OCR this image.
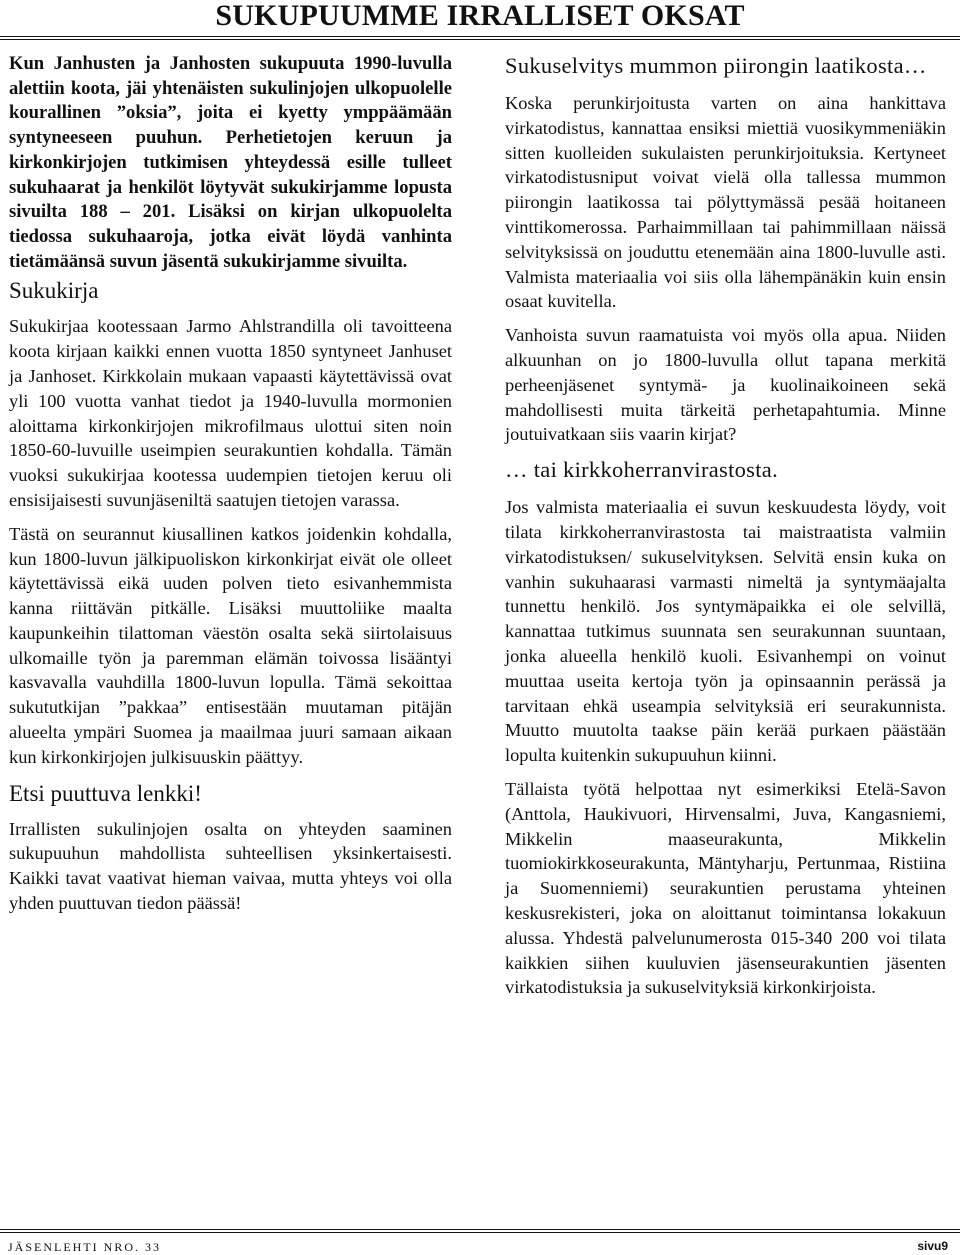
SUKUPUUMME IRRALLISET OKSAT

Kun Janhusten ja Janhosten sukupuuta 1990-luvulla alettiin koota, jäi yhtenäisten sukulinjojen ulkopuolelle kourallinen ”oksia”, joita ei kyetty ymppäämään syntyneeseen puuhun. Perhetietojen keruun ja kirkonkirjojen tutkimisen yhteydessä esille tulleet sukuhaarat ja henkilöt löytyvät sukukirjamme lopusta sivuilta 188 – 201. Lisäksi on kirjan ulkopuolelta tiedossa sukuhaaroja, jotka eivät löydä vanhinta tietämäänsä suvun jäsentä sukukirjamme sivuilta.

Sukukirja

Sukukirjaa kootessaan Jarmo Ahlstrandilla oli tavoitteena koota kirjaan kaikki ennen vuotta 1850 syntyneet Janhuset ja Janhoset. Kirkkolain mukaan vapaasti käytettävissä ovat yli 100 vuotta vanhat tiedot ja 1940-luvulla mormonien aloittama kirkonkirjojen mikrofilmaus ulottui siten noin 1850-60-luvuille useimpien seurakuntien kohdalla. Tämän vuoksi sukukirjaa kootessa uudempien tietojen keruu oli ensisijaisesti suvunjäseniltä saatujen tietojen varassa.

Tästä on seurannut kiusallinen katkos joidenkin kohdalla, kun 1800-luvun jälkipuoliskon kirkonkirjat eivät ole olleet käytettävissä eikä uuden polven tieto esivanhemmista kanna riittävän pitkälle. Lisäksi muuttoliike maalta kaupunkeihin tilattoman väestön osalta sekä siirtolaisuus ulkomaille työn ja paremman elämän toivossa lisääntyi kasvavalla vauhdilla 1800-luvun lopulla. Tämä sekoittaa sukututkijan ”pakkaa” entisestään muutaman pitäjän alueelta ympäri Suomea ja maailmaa juuri samaan aikaan kun kirkonkirjojen julkisuuskin päättyy.

Etsi puuttuva lenkki!

Irrallisten sukulinjojen osalta on yhteyden saaminen sukupuuhun mahdollista suhteellisen yksinkertaisesti. Kaikki tavat vaativat hieman vaivaa, mutta yhteys voi olla yhden puuttuvan tiedon päässä!

Sukuselvitys mummon piirongin laatikosta…

Koska perunkirjoitusta varten on aina hankittava virkatodistus, kannattaa ensiksi miettiä vuosikymmeniäkin sitten kuolleiden sukulaisten perunkirjoituksia. Kertyneet virkatodistusniput voivat vielä olla tallessa mummon piirongin laatikossa tai pölyttymässä pesää hoitaneen vinttikomerossa. Parhaimmillaan tai pahimmillaan näissä selvityksissä on jouduttu etenemään aina 1800-luvulle asti. Valmista materiaalia voi siis olla lähempänäkin kuin ensin osaat kuvitella.

Vanhoista suvun raamatuista voi myös olla apua. Niiden alkuunhan on jo 1800-luvulla ollut tapana merkitä perheenjäsenet syntymä- ja kuolinaikoineen sekä mahdollisesti muita tärkeitä perhetapahtumia. Minne joutuivatkaan siis vaarin kirjat?

… tai kirkkoherranvirastosta.

Jos valmista materiaalia ei suvun keskuudesta löydy, voit tilata kirkkoherranvirastosta tai maistraatista valmiin virkatodistuksen/ sukuselvityksen. Selvitä ensin kuka on vanhin sukuhaarasi varmasti nimeltä ja syntymäajalta tunnettu henkilö. Jos syntymäpaikka ei ole selvillä, kannattaa tutkimus suunnata sen seurakunnan suuntaan, jonka alueella henkilö kuoli. Esivanhempi on voinut muuttaa useita kertoja työn ja opinsaannin perässä ja tarvitaan ehkä useampia selvityksiä eri seurakunnista. Muutto muutolta taakse päin kerää purkaen päästään lopulta kuitenkin sukupuuhun kiinni.

Tällaista työtä helpottaa nyt esimerkiksi Etelä-Savon (Anttola, Haukivuori, Hirvensalmi, Juva, Kangasniemi, Mikkelin maaseurakunta, Mikkelin tuomiokirkkoseurakunta, Mäntyharju, Pertunmaa, Ristiina ja Suomenniemi) seurakuntien perustama yhteinen keskusrekisteri, joka on aloittanut toimintansa lokakuun alussa. Yhdestä palvelunumerosta 015-340 200 voi tilata kaikkien siihen kuuluvien jäsenseurakuntien jäsenten virkatodistuksia ja sukuselvityksiä kirkonkirjoista.

JÄSENLEHTI NRO. 33	sivu9
